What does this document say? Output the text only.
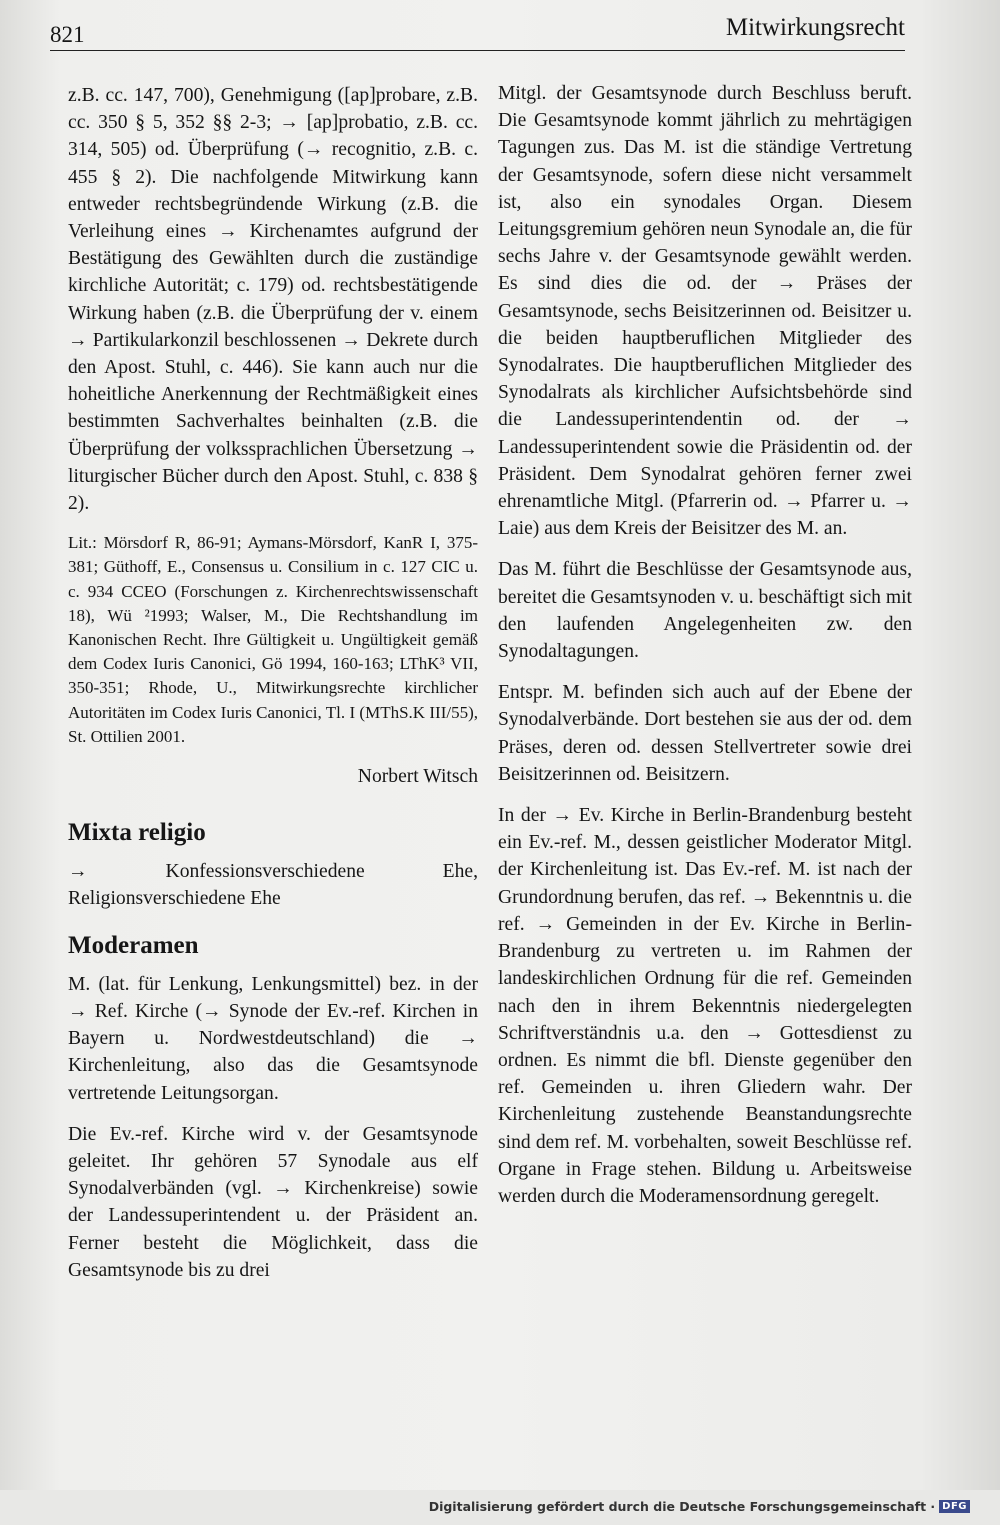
821	Mitwirkungsrecht

z.B. cc. 147, 700), Genehmigung ([ap]probare, z.B. cc. 350 § 5, 352 §§ 2-3; → [ap]probatio, z.B. cc. 314, 505) od. Überprüfung (→ recognitio, z.B. c. 455 § 2). Die nachfolgende Mitwirkung kann entweder rechtsbegründende Wirkung (z.B. die Verleihung eines → Kirchenamtes aufgrund der Bestätigung des Gewählten durch die zuständige kirchliche Autorität; c. 179) od. rechtsbestätigende Wirkung haben (z.B. die Überprüfung der v. einem → Partikularkonzil beschlossenen → Dekrete durch den Apost. Stuhl, c. 446). Sie kann auch nur die hoheitliche Anerkennung der Rechtmäßigkeit eines bestimmten Sachverhaltes beinhalten (z.B. die Überprüfung der volkssprachlichen Übersetzung → liturgischer Bücher durch den Apost. Stuhl, c. 838 § 2).

Lit.: Mörsdorf R, 86-91; Aymans-Mörsdorf, KanR I, 375-381; Güthoff, E., Consensus u. Consilium in c. 127 CIC u. c. 934 CCEO (Forschungen z. Kirchenrechtswissenschaft 18), Wü ²1993; Walser, M., Die Rechtshandlung im Kanonischen Recht. Ihre Gültigkeit u. Ungültigkeit gemäß dem Codex Iuris Canonici, Gö 1994, 160-163; LThK³ VII, 350-351; Rhode, U., Mitwirkungsrechte kirchlicher Autoritäten im Codex Iuris Canonici, Tl. I (MThS.K III/55), St. Ottilien 2001.

Norbert Witsch

Mixta religio

→ Konfessionsverschiedene Ehe, Religionsverschiedene Ehe

Moderamen

M. (lat. für Lenkung, Lenkungsmittel) bez. in der → Ref. Kirche (→ Synode der Ev.-ref. Kirchen in Bayern u. Nordwestdeutschland) die → Kirchenleitung, also das die Gesamtsynode vertretende Leitungsorgan.

Die Ev.-ref. Kirche wird v. der Gesamtsynode geleitet. Ihr gehören 57 Synodale aus elf Synodalverbänden (vgl. → Kirchenkreise) sowie der Landessuperintendent u. der Präsident an. Ferner besteht die Möglichkeit, dass die Gesamtsynode bis zu drei

Mitgl. der Gesamtsynode durch Beschluss beruft. Die Gesamtsynode kommt jährlich zu mehrtägigen Tagungen zus. Das M. ist die ständige Vertretung der Gesamtsynode, sofern diese nicht versammelt ist, also ein synodales Organ. Diesem Leitungsgremium gehören neun Synodale an, die für sechs Jahre v. der Gesamtsynode gewählt werden. Es sind dies die od. der → Präses der Gesamtsynode, sechs Beisitzerinnen od. Beisitzer u. die beiden hauptberuflichen Mitglieder des Synodalrates. Die hauptberuflichen Mitglieder des Synodalrats als kirchlicher Aufsichtsbehörde sind die Landessuperintendentin od. der → Landessuperintendent sowie die Präsidentin od. der Präsident. Dem Synodalrat gehören ferner zwei ehrenamtliche Mitgl. (Pfarrerin od. → Pfarrer u. → Laie) aus dem Kreis der Beisitzer des M. an.

Das M. führt die Beschlüsse der Gesamtsynode aus, bereitet die Gesamtsynoden v. u. beschäftigt sich mit den laufenden Angelegenheiten zw. den Synodaltagungen.

Entspr. M. befinden sich auch auf der Ebene der Synodalverbände. Dort bestehen sie aus der od. dem Präses, deren od. dessen Stellvertreter sowie drei Beisitzerinnen od. Beisitzern.

In der → Ev. Kirche in Berlin-Brandenburg besteht ein Ev.-ref. M., dessen geistlicher Moderator Mitgl. der Kirchenleitung ist. Das Ev.-ref. M. ist nach der Grundordnung berufen, das ref. → Bekenntnis u. die ref. → Gemeinden in der Ev. Kirche in Berlin-Brandenburg zu vertreten u. im Rahmen der landeskirchlichen Ordnung für die ref. Gemeinden nach den in ihrem Bekenntnis niedergelegten Schriftverständnis u.a. den → Gottesdienst zu ordnen. Es nimmt die bfl. Dienste gegenüber den ref. Gemeinden u. ihren Gliedern wahr. Der Kirchenleitung zustehende Beanstandungsrechte sind dem ref. M. vorbehalten, soweit Beschlüsse ref. Organe in Frage stehen. Bildung u. Arbeitsweise werden durch die Moderamensordnung geregelt.

Digitalisierung gefördert durch die Deutsche Forschungsgemeinschaft · DFG
